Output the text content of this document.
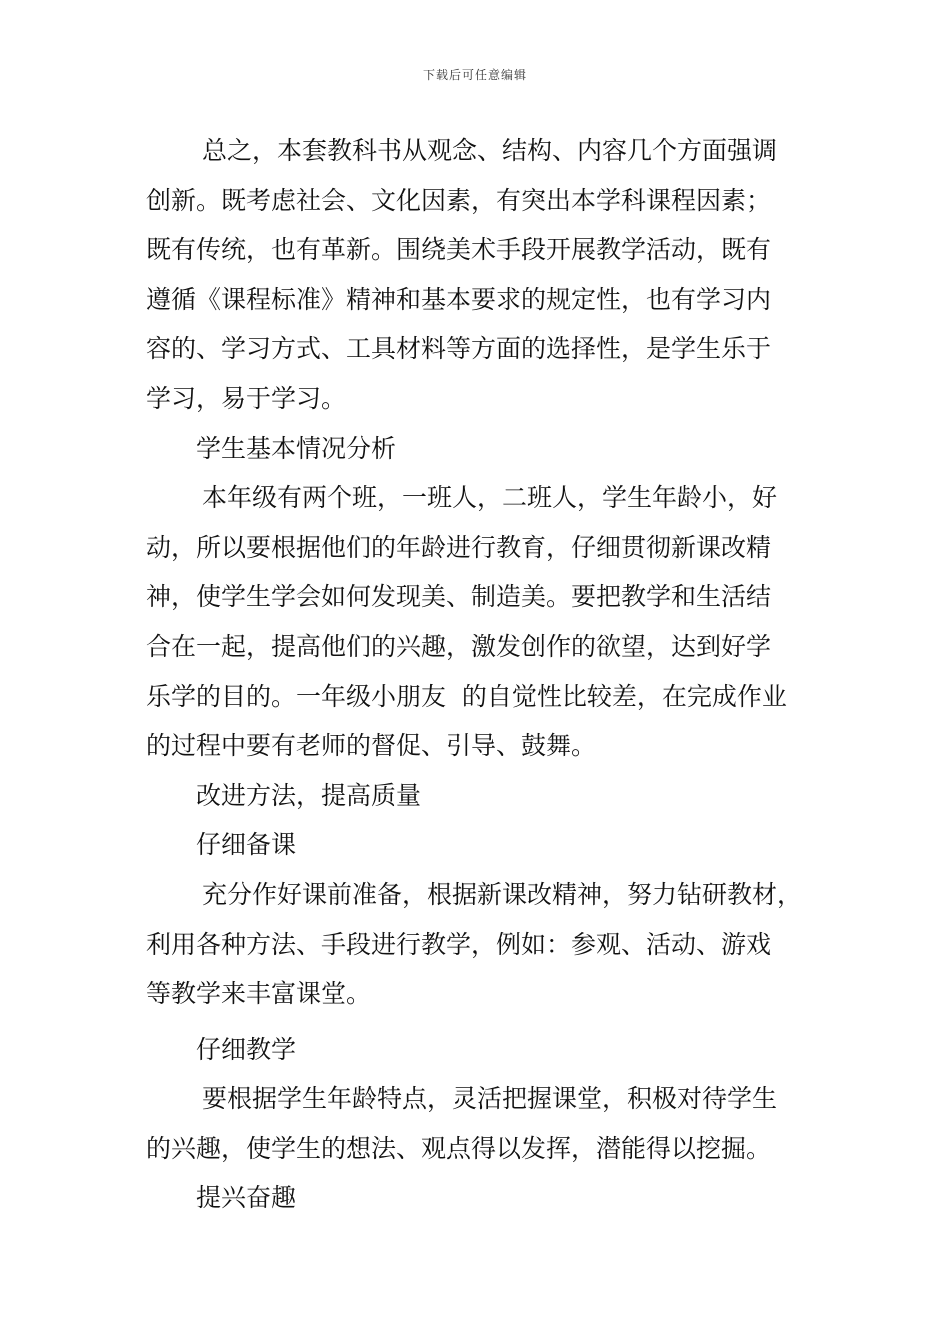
下载后可任意编辑
总之，本套教科书从观念、结构、内容几个方面强调
创新。既考虑社会、文化因素，有突出本学科课程因素；
既有传统，也有革新。围绕美术手段开展教学活动，既有
遵循《课程标准》精神和基本要求的规定性，也有学习内
容的、学习方式、工具材料等方面的选择性，是学生乐于
学习，易于学习。
学生基本情况分析
本年级有两个班，一班人，二班人，学生年龄小，好
动，所以要根据他们的年龄进行教育，仔细贯彻新课改精
神，使学生学会如何发现美、制造美。要把教学和生活结
合在一起，提高他们的兴趣，激发创作的欲望，达到好学
乐学的目的。一年级小朋友  的自觉性比较差，在完成作业
的过程中要有老师的督促、引导、鼓舞。
改进方法，提高质量
仔细备课
充分作好课前准备，根据新课改精神，努力钻研教材，
利用各种方法、手段进行教学，例如：参观、活动、游戏
等教学来丰富课堂。
仔细教学
要根据学生年龄特点，灵活把握课堂，积极对待学生
的兴趣，使学生的想法、观点得以发挥，潜能得以挖掘。
提兴奋趣
